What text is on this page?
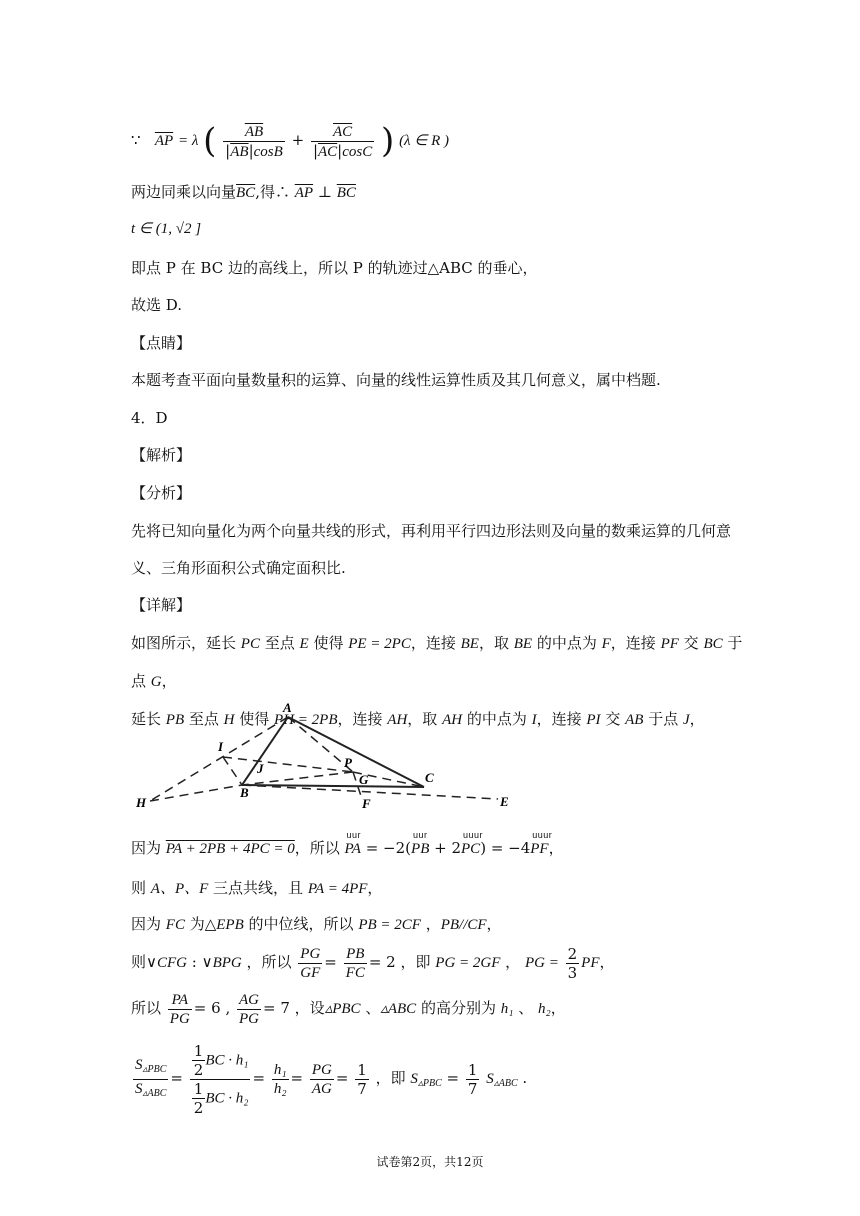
∵ $\overline{AP} = \lambda$ ( $\frac{\overline{AB}}{|\overline{AB}|\cos B} + \frac{\overline{AC}}{|\overline{AC}|\cos C}$ ) (λ ∈ R )
两边同乘以向量$\overline{BC}$,得∴ $\overline{AP}$ ⊥ $\overline{BC}$
t ∈ (1, √2 ]
即点 P 在 BC 边的高线上，所以 P 的轨迹过△ABC 的垂心，
故选 D.
【点睛】
本题考查平面向量数量积的运算、向量的线性运算性质及其几何意义，属中档题.
4．D
【解析】
【分析】
先将已知向量化为两个向量共线的形式，再利用平行四边形法则及向量的数乘运算的几何意
义、三角形面积公式确定面积比.
【详解】
如图所示，延长 PC 至点 E 使得 PE = 2PC，连接 BE，取 BE 的中点为 F，连接 PF 交 BC 于
点 G，
延长 PB 至点 H 使得 PH = 2PB，连接 AH，取 AH 的中点为 I，连接 PI 交 AB 于点 J，
A
I
J	P
G	C
H
B
F	E
因为 PA + 2PB + 4PC = 0，所以
uur
PA = −2(
uur
PB + 2
uuur
PC) = −4
uuur
PF，
则 A、P、F 三点共线，且 PA = 4PF，
因为 FC 为△EPB 的中位线，所以 PB = 2CF ，PB//CF，
则∨CFG : ∨BPG ，所以 $\frac{PG}{GF} = \frac{PB}{FC} = 2$ ，即 PG = 2GF ， PG = $\frac{2}{3}$ PF，
所以 $\frac{PA}{PG} = 6$ , $\frac{AG}{PG} = 7$ ，设▵PBC 、▵ABC 的高分别为 h₁ 、 h₂，
$\frac{S_{▵PBC}}{S_{▵ABC}} = \frac{\frac{1}{2} BC \cdot h_1}{\frac{1}{2} BC \cdot h_2} = \frac{\text{h₁}}{\text{h₂}} = \frac{PG}{AG} = \frac{1}{7}$ ，即 $S_{▵PBC} = \frac{1}{7} S_{▵ABC}$ .
试卷第2页，共12页
